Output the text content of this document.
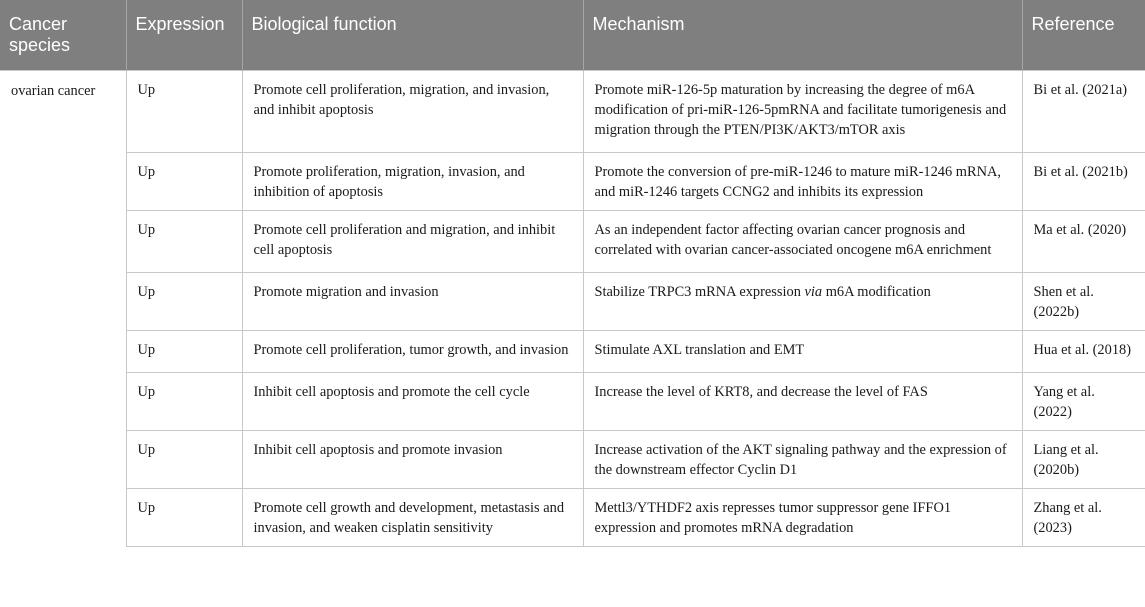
Cancer species	Expression	Biological function	Mechanism	Reference
ovarian cancer	Up	Promote cell proliferation, migration, and invasion, and inhibit apoptosis	Promote miR-126-5p maturation by increasing the degree of m6A modification of pri-miR-126-5pmRNA and facilitate tumorigenesis and migration through the PTEN/PI3K/AKT3/mTOR axis	Bi et al. (2021a)
	Up	Promote proliferation, migration, invasion, and inhibition of apoptosis	Promote the conversion of pre-miR-1246 to mature miR-1246 mRNA, and miR-1246 targets CCNG2 and inhibits its expression	Bi et al. (2021b)
	Up	Promote cell proliferation and migration, and inhibit cell apoptosis	As an independent factor affecting ovarian cancer prognosis and correlated with ovarian cancer-associated oncogene m6A enrichment	Ma et al. (2020)
	Up	Promote migration and invasion	Stabilize TRPC3 mRNA expression via m6A modification	Shen et al. (2022b)
	Up	Promote cell proliferation, tumor growth, and invasion	Stimulate AXL translation and EMT	Hua et al. (2018)
	Up	Inhibit cell apoptosis and promote the cell cycle	Increase the level of KRT8, and decrease the level of FAS	Yang et al. (2022)
	Up	Inhibit cell apoptosis and promote invasion	Increase activation of the AKT signaling pathway and the expression of the downstream effector Cyclin D1	Liang et al. (2020b)
	Up	Promote cell growth and development, metastasis and invasion, and weaken cisplatin sensitivity	Mettl3/YTHDF2 axis represses tumor suppressor gene IFFO1 expression and promotes mRNA degradation	Zhang et al. (2023)
